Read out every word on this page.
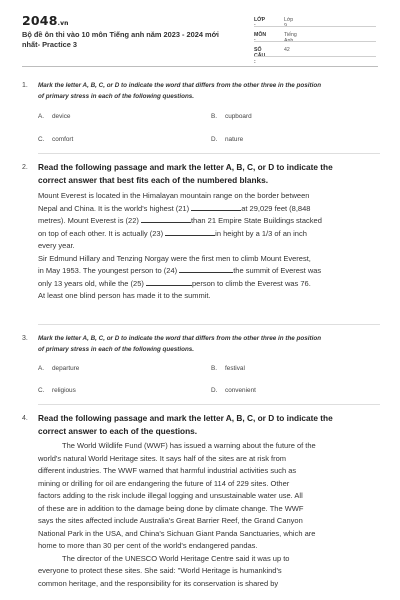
2048.vn
Bộ đề ôn thi vào 10 môn Tiếng anh năm 2023 - 2024 mới
nhất- Practice 3
LỚP :
Lớp 9
MÔN :
Tiếng Anh
SỐ CÂU :
42
1. Mark the letter A, B, C, or D to indicate the word that differs from the other three in the position
of primary stress in each of the following questions.
A. device	B. cupboard
C. comfort	D. nature
2. Read the following passage and mark the letter A, B, C, or D to indicate the
correct answer that best fits each of the numbered blanks.
Mount Everest is located in the Himalayan mountain range on the border between
Nepal and China. It is the world's highest (21)	at 29,029 feet (8,848
metres). Mount Everest is (22)	than 21 Empire State Buildings stacked
on top of each other. It is actually (23)	in height by a 1/3 of an inch
every year.
Sir Edmund Hillary and Tenzing Norgay were the first men to climb Mount Everest,
in May 1953. The youngest person to (24)	the summit of Everest was
only 13 years old, while the (25)	person to climb the Everest was 76.
At least one blind person has made it to the summit.
3. Mark the letter A, B, C, or D to indicate the word that differs from the other three in the position
of primary stress in each of the following questions.
A. departure	B. festival
C. religious	D. convenient
4. Read the following passage and mark the letter A, B, C, or D to indicate the
correct answer to each of the questions.
The World Wildlife Fund (WWF) has issued a warning about the future of the
world's natural World Heritage sites. It says half of the sites are at risk from
different industries. The WWF warned that harmful industrial activities such as
mining or drilling for oil are endangering the future of 114 of 229 sites. Other
factors adding to the risk include illegal logging and unsustainable water use. All
of these are in addition to the damage being done by climate change. The WWF
says the sites affected include Australia's Great Barrier Reef, the Grand Canyon
National Park in the USA, and China's Sichuan Giant Panda Sanctuaries, which are
home to more than 30 per cent of the world's endangered pandas.
The director of the UNESCO World Heritage Centre said it was up to
everyone to protect these sites. She said: "World Heritage is humankind's
common heritage, and the responsibility for its conservation is shared by
